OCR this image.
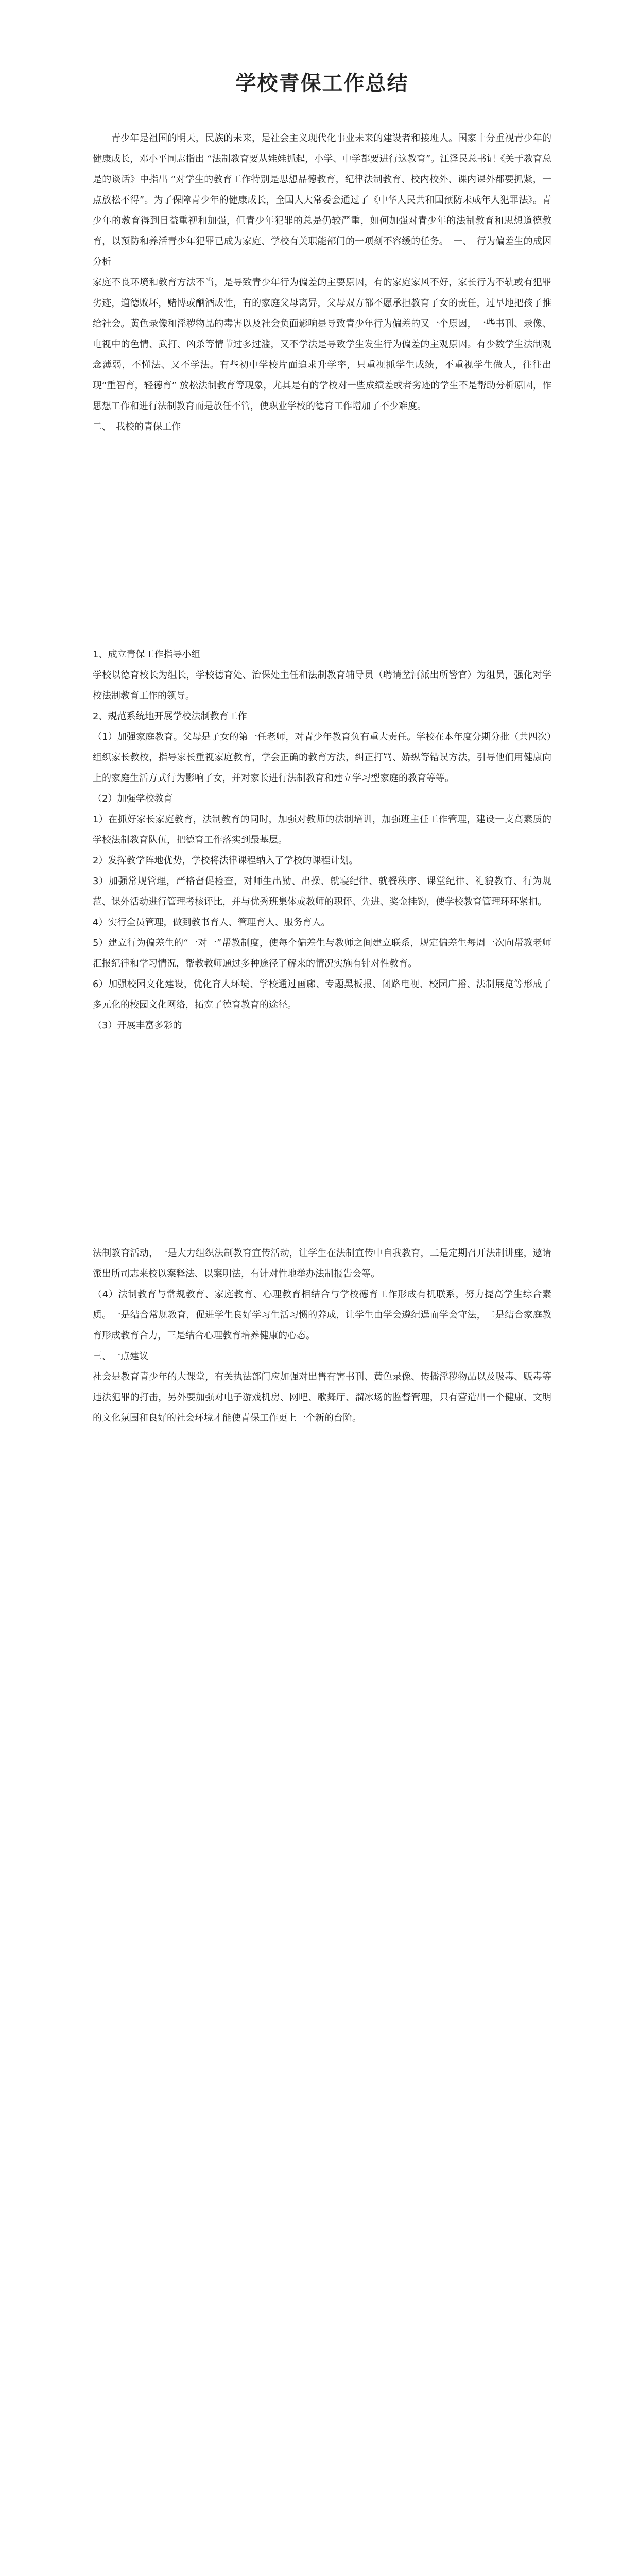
学校青保工作总结

青少年是祖国的明天，民族的未来，是社会主义现代化事业未来的建设者和接班人。国家十分重视青少年的健康成长，邓小平同志指出 “法制教育要从娃娃抓起，小学、中学都要进行这教育”。江泽民总书记《关于教育总是的谈话》中指出 “对学生的教育工作特别是思想品德教育，纪律法制教育、校内校外、课内课外都要抓紧，一点放松不得”。为了保障青少年的健康成长，全国人大常委会通过了《中华人民共和国预防未成年人犯罪法》。青少年的教育得到日益重视和加强，但青少年犯罪的总是仍较严重，如何加强对青少年的法制教育和思想道德教育，以预防和养活青少年犯罪已成为家庭、学校有关职能部门的一项刻不容缓的任务。　一、　行为偏差生的成因分析

家庭不良环境和教育方法不当，是导致青少年行为偏差的主要原因，有的家庭家风不好，家长行为不轨或有犯罪劣迹，道德败坏，赌博或酗酒成性，有的家庭父母离异，父母双方都不愿承担教育子女的责任，过早地把孩子推给社会。黄色录像和淫秽物品的毒害以及社会负面影响是导致青少年行为偏差的又一个原因，一些书刊、录像、电视中的色情、武打、凶杀等情节过多过滥，又不学法是导致学生发生行为偏差的主观原因。有少数学生法制观念薄弱，不懂法、又不学法。有些初中学校片面追求升学率，只重视抓学生成绩，不重视学生做人，往往出现“重智育，轻德育” 放松法制教育等现象，尤其是有的学校对一些成绩差或者劣迹的学生不是帮助分析原因，作思想工作和进行法制教育而是放任不管，使职业学校的德育工作增加了不少难度。

二、　我校的青保工作

1、成立青保工作指导小组

学校以德育校长为组长，学校德育处、治保处主任和法制教育辅导员（聘请坌河派出所警官）为组员，强化对学校法制教育工作的领导。

2、规范系统地开展学校法制教育工作

（1）加强家庭教育。父母是子女的第一任老师，对青少年教育负有重大责任。学校在本年度分期分批（共四次）组织家长教校，指导家长重视家庭教育，学会正确的教育方法，纠正打骂、娇纵等错误方法，引导他们用健康向上的家庭生活方式行为影响子女，并对家长进行法制教育和建立学习型家庭的教育等等。

（2）加强学校教育

1）在抓好家长家庭教育，法制教育的同时，加强对教师的法制培训，加强班主任工作管理，建设一支高素质的学校法制教育队伍，把德育工作落实到最基层。

2）发挥教学阵地优势，学校将法律课程纳入了学校的课程计划。

3）加强常规管理，严格督促检查，对师生出勤、出操、就寝纪律、就餐秩序、课堂纪律、礼貌教育、行为规范、课外活动进行管理考核评比，并与优秀班集体或教师的职评、先进、奖金挂钩，使学校教育管理环环紧扣。

4）实行全员管理，做到教书育人、管理育人、服务育人。

5）建立行为偏差生的“一对一”帮教制度，使每个偏差生与教师之间建立联系，规定偏差生每周一次向帮教老师汇报纪律和学习情况，帮教教师通过多种途径了解来的情况实施有针对性教育。

6）加强校园文化建设，优化育人环境、学校通过画廊、专题黑板报、闭路电视、校园广播、法制展览等形成了多元化的校园文化网络，拓宽了德育教育的途径。

（3）开展丰富多彩的

法制教育活动，一是大力组织法制教育宣传活动，让学生在法制宣传中自我教育，二是定期召开法制讲座，邀请派出所司志来校以案释法、以案明法，有针对性地举办法制报告会等。

（4）法制教育与常规教育、家庭教育、心理教育相结合与学校德育工作形成有机联系，努力提高学生综合素质。一是结合常规教育，促进学生良好学习生活习惯的养成，让学生由学会遵纪逞而学会守法，二是结合家庭教育形成教育合力，三是结合心理教育培养健康的心态。

三、一点建议

社会是教育青少年的大课堂，有关执法部门应加强对出售有害书刊、黄色录像、传播淫秽物品以及吸毒、贩毒等违法犯罪的打击，另外要加强对电子游戏机房、网吧、歌舞厅、溜冰场的监督管理，只有营造出一个健康、文明的文化氛围和良好的社会环境才能使青保工作更上一个新的台阶。
